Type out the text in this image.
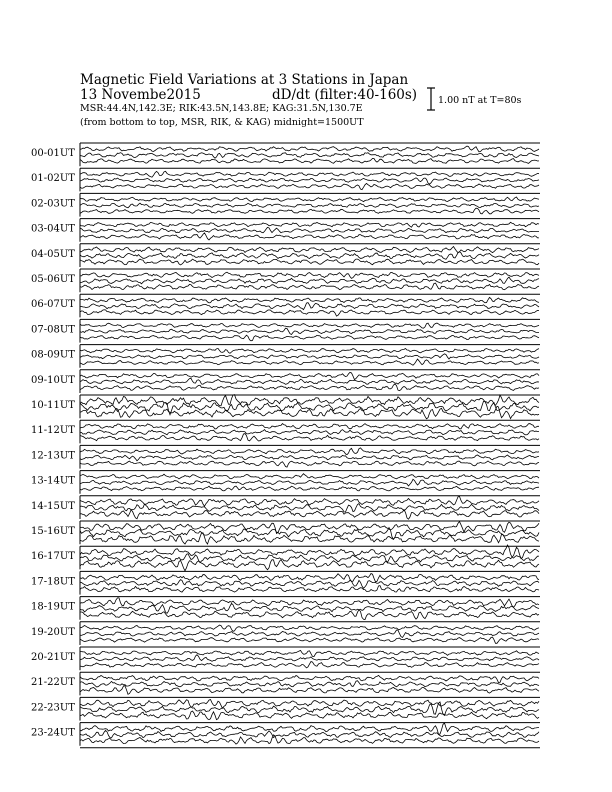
Magnetic Field Variations at 3 Stations in Japan
13 Novembe2015	dD/dt (filter:40-160s)
MSR:44.4N,142.3E; RIK:43.5N,143.8E; KAG:31.5N,130.7E
(from bottom to top, MSR, RIK, & KAG) midnight=1500UT
1.00 nT at T=80s
00-01UT
01-02UT
02-03UT
03-04UT
04-05UT
05-06UT
06-07UT
07-08UT
08-09UT
09-10UT
10-11UT
11-12UT
12-13UT
13-14UT
14-15UT
15-16UT
16-17UT
17-18UT
18-19UT
19-20UT
20-21UT
21-22UT
22-23UT
23-24UT
